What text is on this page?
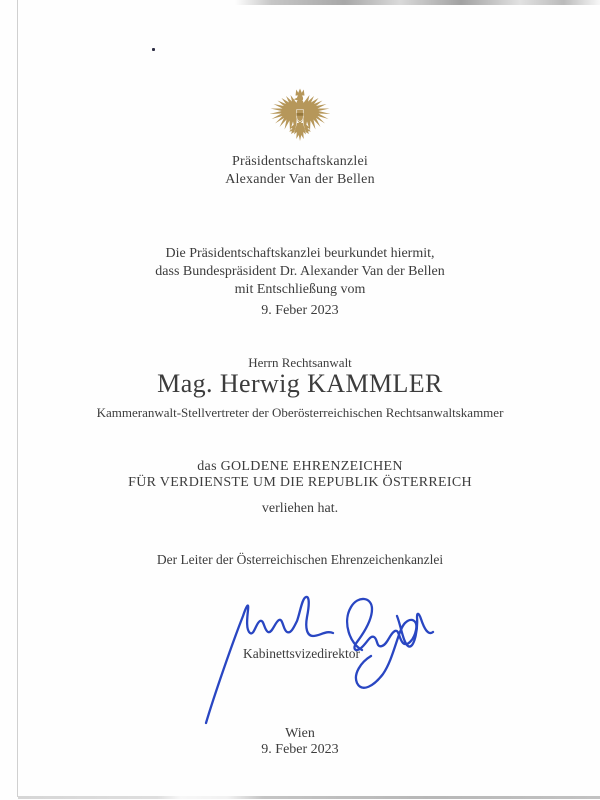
Präsidentschaftskanzlei
Alexander Van der Bellen
Die Präsidentschaftskanzlei beurkundet hiermit,
dass Bundespräsident Dr. Alexander Van der Bellen
mit Entschließung vom
9. Feber 2023
Herrn Rechtsanwalt
Mag. Herwig KAMMLER
Kammeranwalt-Stellvertreter der Oberösterreichischen Rechtsanwaltskammer
das GOLDENE EHRENZEICHEN
FÜR VERDIENSTE UM DIE REPUBLIK ÖSTERREICH
verliehen hat.
Der Leiter der Österreichischen Ehrenzeichenkanzlei
Kabinettsvizedirektor
Wien
9. Feber 2023
